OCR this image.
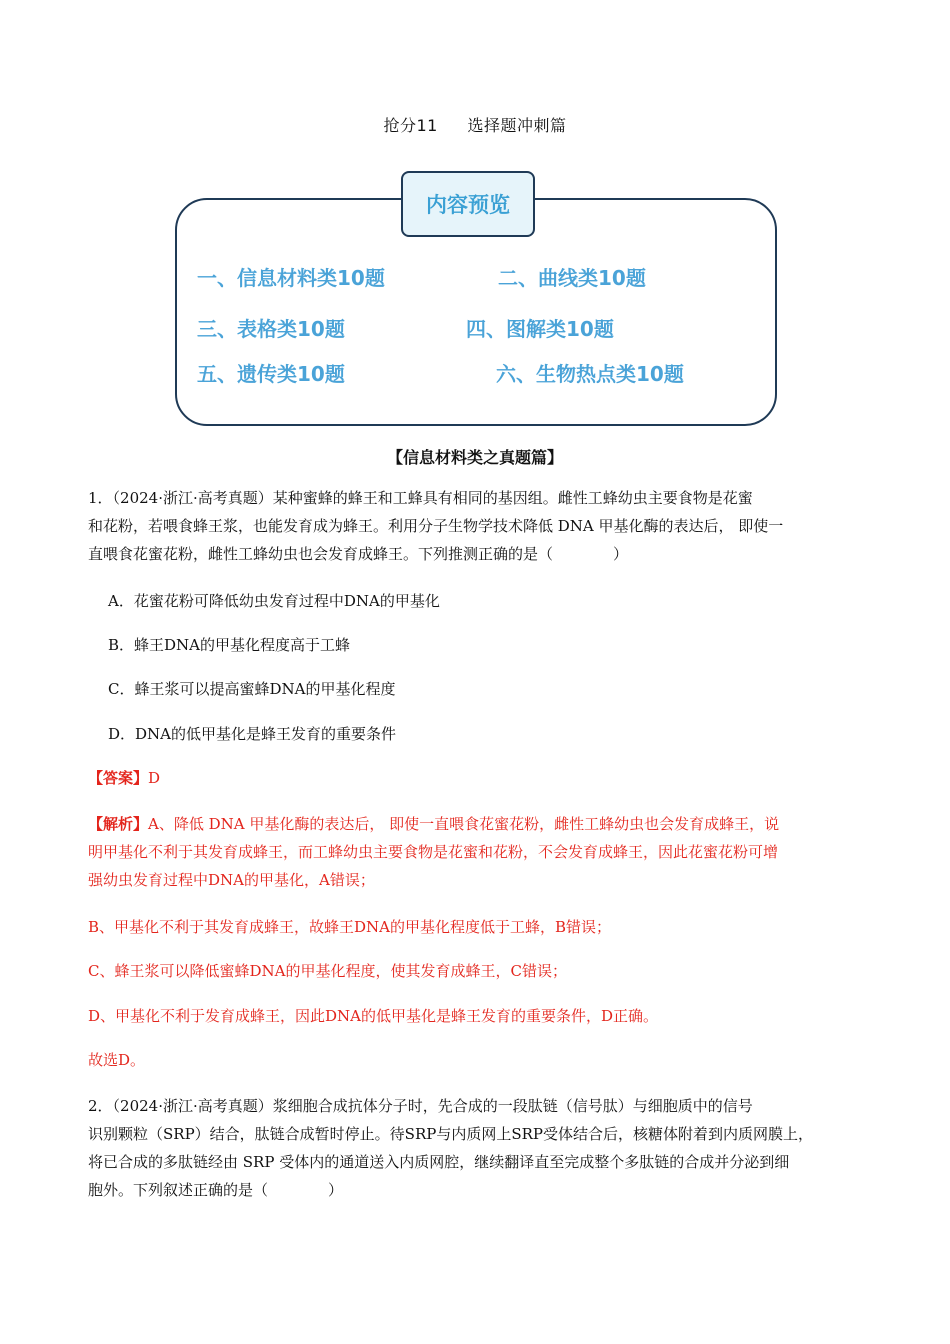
抢分11 选择题冲刺篇
内容预览
一、信息材料类10题	二、曲线类10题
三、表格类10题	四、图解类10题
五、遗传类10题	六、生物热点类10题
【信息材料类之真题篇】
1．（2024·浙江·高考真题）某种蜜蜂的蜂王和工蜂具有相同的基因组。雌性工蜂幼虫主要食物是花蜜
和花粉，若喂食蜂王浆，也能发育成为蜂王。利用分子生物学技术降低 DNA 甲基化酶的表达后， 即使一
直喂食花蜜花粉，雌性工蜂幼虫也会发育成蜂王。下列推测正确的是（　　　　）
A．花蜜花粉可降低幼虫发育过程中DNA的甲基化
B．蜂王DNA的甲基化程度高于工蜂
C．蜂王浆可以提高蜜蜂DNA的甲基化程度
D．DNA的低甲基化是蜂王发育的重要条件
【答案】D
【解析】A、降低 DNA 甲基化酶的表达后， 即使一直喂食花蜜花粉，雌性工蜂幼虫也会发育成蜂王，说
明甲基化不利于其发育成蜂王，而工蜂幼虫主要食物是花蜜和花粉，不会发育成蜂王，因此花蜜花粉可增
强幼虫发育过程中DNA的甲基化，A错误；
B、甲基化不利于其发育成蜂王，故蜂王DNA的甲基化程度低于工蜂，B错误；
C、蜂王浆可以降低蜜蜂DNA的甲基化程度，使其发育成蜂王，C错误；
D、甲基化不利于发育成蜂王，因此DNA的低甲基化是蜂王发育的重要条件，D正确。
故选D。
2．（2024·浙江·高考真题）浆细胞合成抗体分子时，先合成的一段肽链（信号肽）与细胞质中的信号
识别颗粒（SRP）结合，肽链合成暂时停止。待SRP与内质网上SRP受体结合后，核糖体附着到内质网膜上，
将已合成的多肽链经由 SRP 受体内的通道送入内质网腔，继续翻译直至完成整个多肽链的合成并分泌到细
胞外。下列叙述正确的是（　　　　）
